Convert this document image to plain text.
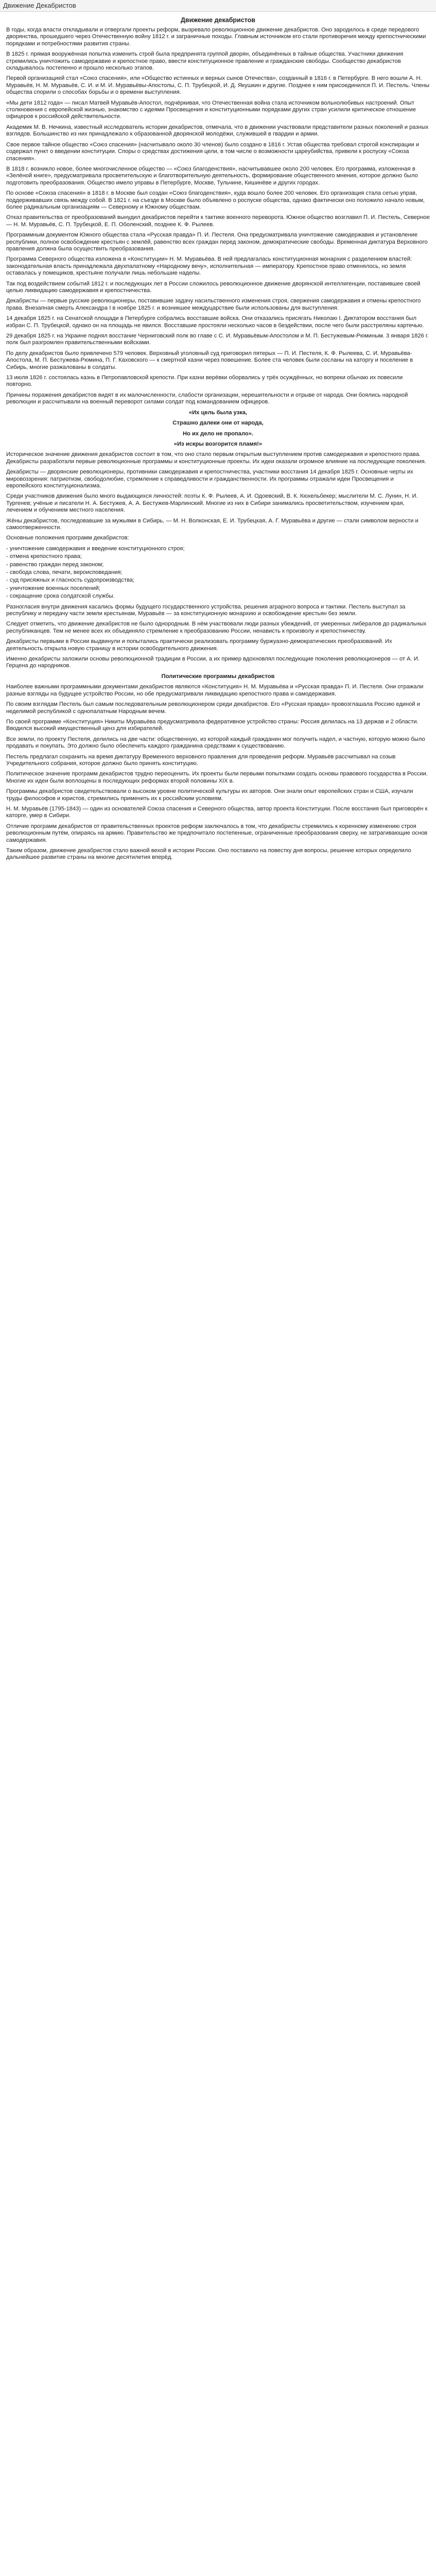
Движение Декабристов
Движение декабристов

В годы, когда власти откладывали и отвергали проекты реформ, вызревало революционное движение декабристов. Оно зародилось в среде передового дворянства, прошедшего через Отечественную войну 1812 г. и заграничные походы. Главным источником его стали противоречия между крепостническими порядками и потребностями развития страны.

В 1825 г. прямая вооружённая попытка изменить строй была предпринята группой дворян, объединённых в тайные общества. Участники движения стремились уничтожить самодержавие и крепостное право, ввести конституционное правление и гражданские свободы. Сообщество декабристов складывалось постепенно и прошло несколько этапов.

Первой организацией стал «Союз спасения», или «Общество истинных и верных сынов Отечества», созданный в 1816 г. в Петербурге. В него вошли А. Н. Муравьёв, Н. М. Муравьёв, С. И. и М. И. Муравьёвы-Апостолы, С. П. Трубецкой, И. Д. Якушкин и другие. Позднее к ним присоединился П. И. Пестель. Члены общества спорили о способах борьбы и о времени выступления.

«Мы дети 1812 года» — писал Матвей Муравьёв-Апостол, подчёркивая, что Отечественная война стала источником вольнолюбивых настроений. Опыт столкновения с европейской жизнью, знакомство с идеями Просвещения и конституционными порядками других стран усилили критическое отношение офицеров к российской действительности.

Академик М. В. Нечкина, известный исследователь истории декабристов, отмечала, что в движении участвовали представители разных поколений и разных взглядов. Большинство из них принадлежало к образованной дворянской молодёжи, служившей в гвардии и армии.

Свое первое тайное общество «Союз спасения» (насчитывало около 30 членов) было создано в 1816 г. Устав общества требовал строгой конспирации и содержал пункт о введении конституции. Споры о средствах достижения цели, в том числе о возможности цареубийства, привели к роспуску «Союза спасения».

В 1818 г. возникло новое, более многочисленное общество — «Союз благоденствия», насчитывавшее около 200 человек. Его программа, изложенная в «Зелёной книге», предусматривала просветительскую и благотворительную деятельность, формирование общественного мнения, которое должно было подготовить преобразования. Общество имело управы в Петербурге, Москве, Тульчине, Кишинёве и других городах.

По основе «Союза спасения» в 1818 г. в Москве был создан «Союз благоденствия», куда вошло более 200 человек. Его организация стала сетью управ, поддерживавших связь между собой. В 1821 г. на съезде в Москве было объявлено о роспуске общества, однако фактически оно положило начало новым, более радикальным организациям — Северному и Южному обществам.

Отказ правительства от преобразований вынудил декабристов перейти к тактике военного переворота. Южное общество возглавил П. И. Пестель, Северное — Н. М. Муравьёв, С. П. Трубецкой, Е. П. Оболенский, позднее К. Ф. Рылеев.

Программным документом Южного общества стала «Русская правда» П. И. Пестеля. Она предусматривала уничтожение самодержавия и установление республики, полное освобождение крестьян с землёй, равенство всех граждан перед законом, демократические свободы. Временная диктатура Верховного правления должна была осуществить преобразования.

Программа Северного общества изложена в «Конституции» Н. М. Муравьёва. В ней предлагалась конституционная монархия с разделением властей: законодательная власть принадлежала двухпалатному «Народному вечу», исполнительная — императору. Крепостное право отменялось, но земля оставалась у помещиков, крестьяне получали лишь небольшие наделы.

Так под воздействием событий 1812 г. и последующих лет в России сложилось революционное движение дворянской интеллигенции, поставившее своей целью ликвидацию самодержавия и крепостничества.

Декабристы — первые русские революционеры, поставившие задачу насильственного изменения строя, свержения самодержавия и отмены крепостного права. Внезапная смерть Александра I в ноябре 1825 г. и возникшее междуцарствие были использованы для выступления.

14 декабря 1825 г. на Сенатской площади в Петербурге собрались восставшие войска. Они отказались присягать Николаю I. Диктатором восстания был избран С. П. Трубецкой, однако он на площадь не явился. Восставшие простояли несколько часов в бездействии, после чего были расстреляны картечью.

29 декабря 1825 г. на Украине поднял восстание Черниговский полк во главе с С. И. Муравьёвым-Апостолом и М. П. Бестужевым-Рюминым. 3 января 1826 г. полк был разгромлен правительственными войсками.

По делу декабристов было привлечено 579 человек. Верховный уголовный суд приговорил пятерых — П. И. Пестеля, К. Ф. Рылеева, С. И. Муравьёва-Апостола, М. П. Бестужева-Рюмина, П. Г. Каховского — к смертной казни через повешение. Более ста человек были сосланы на каторгу и поселение в Сибирь, многие разжалованы в солдаты.

13 июля 1826 г. состоялась казнь в Петропавловской крепости. При казни верёвки оборвались у трёх осуждённых, но вопреки обычаю их повесили повторно.

Причины поражения декабристов видят в их малочисленности, слабости организации, нерешительности и отрыве от народа. Они боялись народной революции и рассчитывали на военный переворот силами солдат под командованием офицеров.

«Их цель была узка,

Страшно далеки они от народа,

Но их дело не пропало».

«Из искры возгорится пламя!»

Историческое значение движения декабристов состоит в том, что оно стало первым открытым выступлением против самодержавия и крепостного права. Декабристы разработали первые революционные программы и конституционные проекты. Их идеи оказали огромное влияние на последующие поколения.

Декабристы — дворянские революционеры, противники самодержавия и крепостничества, участники восстания 14 декабря 1825 г. Основные черты их мировоззрения: патриотизм, свободолюбие, стремление к справедливости и гражданственности. Их программы отражали идеи Просвещения и европейского конституционализма.

Среди участников движения было много выдающихся личностей: поэты К. Ф. Рылеев, А. И. Одоевский, В. К. Кюхельбекер; мыслители М. С. Лунин, Н. И. Тургенев; учёные и писатели Н. А. Бестужев, А. А. Бестужев-Марлинский. Многие из них в Сибири занимались просветительством, изучением края, лечением и обучением местного населения.

Жёны декабристов, последовавшие за мужьями в Сибирь, — М. Н. Волконская, Е. И. Трубецкая, А. Г. Муравьёва и другие — стали символом верности и самоотверженности.

Основные положения программ декабристов:

- уничтожение самодержавия и введение конституционного строя;
- отмена крепостного права;
- равенство граждан перед законом;
- свобода слова, печати, вероисповедания;
- суд присяжных и гласность судопроизводства;
- уничтожение военных поселений;
- сокращение срока солдатской службы.

Разногласия внутри движения касались формы будущего государственного устройства, решения аграрного вопроса и тактики. Пестель выступал за республику и передачу части земли крестьянам, Муравьёв — за конституционную монархию и освобождение крестьян без земли.

Следует отметить, что движение декабристов не было однородным. В нём участвовали люди разных убеждений, от умеренных либералов до радикальных республиканцев. Тем не менее всех их объединяло стремление к преобразованию России, ненависть к произволу и крепостничеству.

Декабристы первыми в России выдвинули и попытались практически реализовать программу буржуазно-демократических преобразований. Их деятельность открыла новую страницу в истории освободительного движения.

Именно декабристы заложили основы революционной традиции в России, а их пример вдохновлял последующие поколения революционеров — от А. И. Герцена до народников.

Политические программы декабристов

Наиболее важными программными документами декабристов являются «Конституция» Н. М. Муравьёва и «Русская правда» П. И. Пестеля. Они отражали разные взгляды на будущее устройство России, но обе предусматривали ликвидацию крепостного права и самодержавия.

По своим взглядам Пестель был самым последовательным революционером среди декабристов. Его «Русская правда» провозглашала Россию единой и неделимой республикой с однопалатным Народным вечем.

По своей программе «Конституция» Никиты Муравьёва предусматривала федеративное устройство страны: Россия делилась на 13 держав и 2 области. Вводился высокий имущественный ценз для избирателей.

Все земли, по проекту Пестеля, делились на две части: общественную, из которой каждый гражданин мог получить надел, и частную, которую можно было продавать и покупать. Это должно было обеспечить каждого гражданина средствами к существованию.

Пестель предлагал сохранить на время диктатуру Временного верховного правления для проведения реформ. Муравьёв рассчитывал на созыв Учредительного собрания, которое должно было принять конституцию.

Политическое значение программ декабристов трудно переоценить. Их проекты были первыми попытками создать основы правового государства в России. Многие их идеи были воплощены в последующих реформах второй половины XIX в.

Программы декабристов свидетельствовали о высоком уровне политической культуры их авторов. Они знали опыт европейских стран и США, изучали труды философов и юристов, стремились применить их к российским условиям.

Н. М. Муравьёв (1795-1843) — один из основателей Союза спасения и Северного общества, автор проекта Конституции. После восстания был приговорён к каторге, умер в Сибири.

Отличие программ декабристов от правительственных проектов реформ заключалось в том, что декабристы стремились к коренному изменению строя революционным путём, опираясь на армию. Правительство же предпочитало постепенные, ограниченные преобразования сверху, не затрагивающие основ самодержавия.

Таким образом, движение декабристов стало важной вехой в истории России. Оно поставило на повестку дня вопросы, решение которых определило дальнейшее развитие страны на многие десятилетия вперёд.
